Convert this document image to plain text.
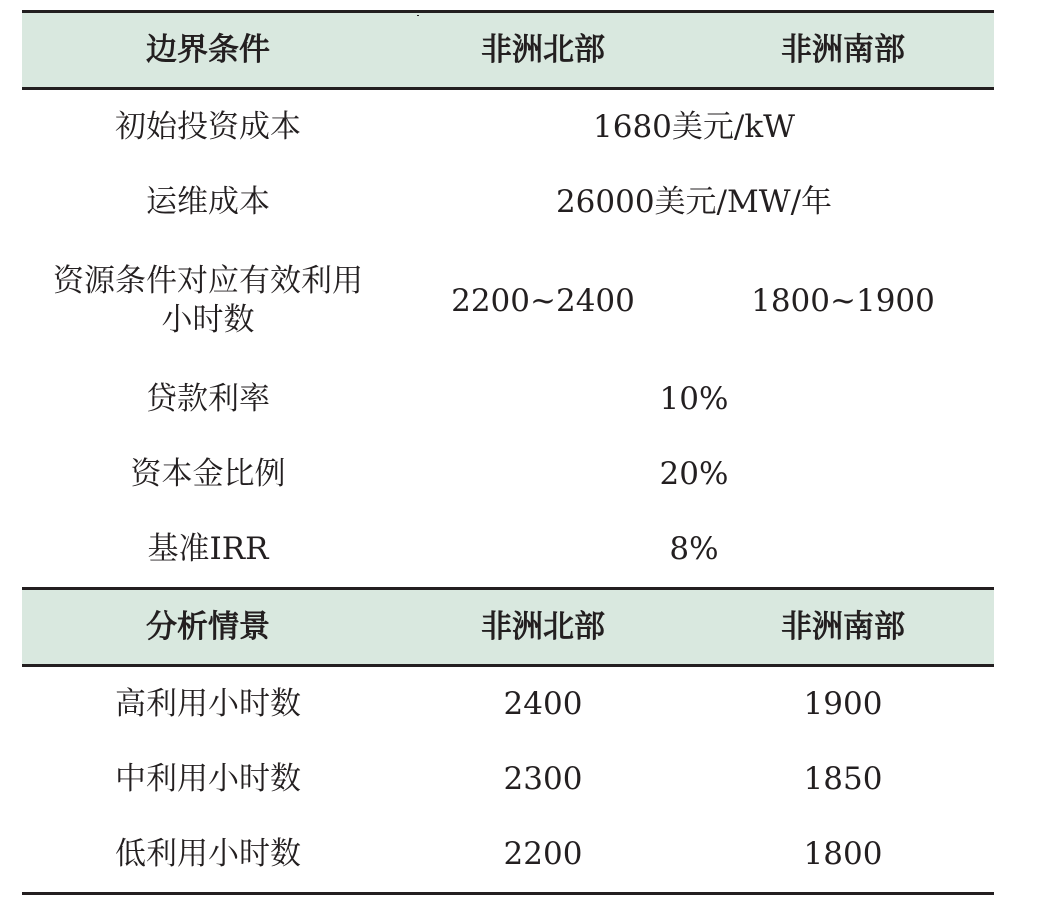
边界条件	非洲北部	非洲南部
初始投资成本	1680美元/kW	
运维成本	26000美元/MW/年	
资源条件对应有效利用
小时数	2200~2400	1800~1900
贷款利率	10%	
资本金比例	20%	
基准IRR	8%	
分析情景	非洲北部	非洲南部
高利用小时数	2400	1900
中利用小时数	2300	1850
低利用小时数	2200	1800
